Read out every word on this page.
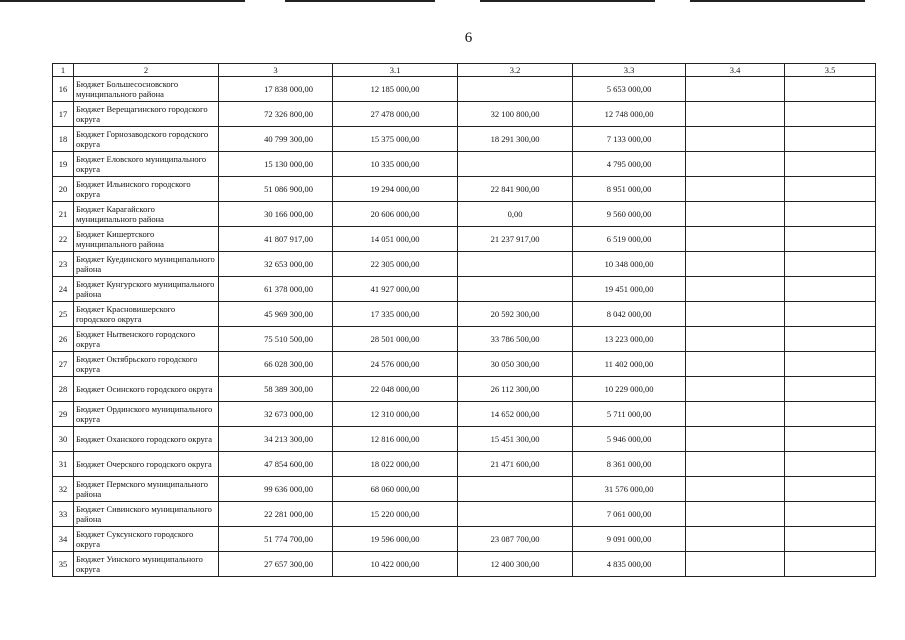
6
1	2	3	3.1	3.2	3.3	3.4	3.5
16	Бюджет Большесосновского муниципального района	17 838 000,00	12 185 000,00		5 653 000,00		
17	Бюджет Верещагинского городского округа	72 326 800,00	27 478 000,00	32 100 800,00	12 748 000,00		
18	Бюджет Горнозаводского городского округа	40 799 300,00	15 375 000,00	18 291 300,00	7 133 000,00		
19	Бюджет Еловского муниципального округа	15 130 000,00	10 335 000,00		4 795 000,00		
20	Бюджет Ильинского городского округа	51 086 900,00	19 294 000,00	22 841 900,00	8 951 000,00		
21	Бюджет Карагайского муниципального района	30 166 000,00	20 606 000,00	0,00	9 560 000,00		
22	Бюджет Кишертского муниципального района	41 807 917,00	14 051 000,00	21 237 917,00	6 519 000,00		
23	Бюджет Куединского муниципального района	32 653 000,00	22 305 000,00		10 348 000,00		
24	Бюджет Кунгурского муниципального района	61 378 000,00	41 927 000,00		19 451 000,00		
25	Бюджет Красновишерского городского округа	45 969 300,00	17 335 000,00	20 592 300,00	8 042 000,00		
26	Бюджет Нытвенского городского округа	75 510 500,00	28 501 000,00	33 786 500,00	13 223 000,00		
27	Бюджет Октябрьского городского округа	66 028 300,00	24 576 000,00	30 050 300,00	11 402 000,00		
28	Бюджет Осинского городского округа	58 389 300,00	22 048 000,00	26 112 300,00	10 229 000,00		
29	Бюджет Ординского муниципального округа	32 673 000,00	12 310 000,00	14 652 000,00	5 711 000,00		
30	Бюджет Оханского городского округа	34 213 300,00	12 816 000,00	15 451 300,00	5 946 000,00		
31	Бюджет Очерского городского округа	47 854 600,00	18 022 000,00	21 471 600,00	8 361 000,00		
32	Бюджет Пермского муниципального района	99 636 000,00	68 060 000,00		31 576 000,00		
33	Бюджет Сивинского муниципального района	22 281 000,00	15 220 000,00		7 061 000,00		
34	Бюджет Суксунского городского округа	51 774 700,00	19 596 000,00	23 087 700,00	9 091 000,00		
35	Бюджет Уинского муниципального округа	27 657 300,00	10 422 000,00	12 400 300,00	4 835 000,00		
